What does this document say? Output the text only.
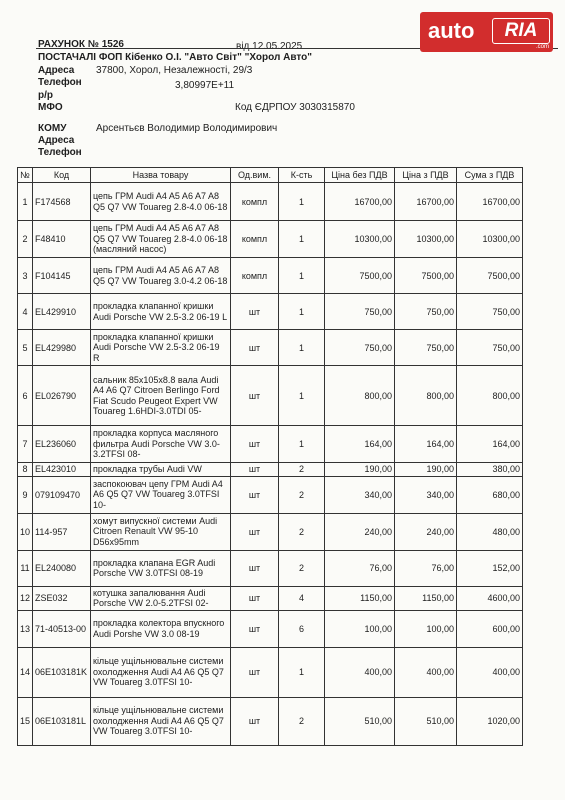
РАХУНОК № 1526	від 12.05.2025
ПОСТАЧАЛІ ФОП Кібенко О.І. "Авто Світ" "Хорол Авто"
Адреса 37800, Хорол, Незалежності, 29/3
Телефон	3,80997E+11
р/р
МФО	Код ЄДРПОУ 3030315870
КОМУ	Арсентьєв Володимир Володимирович
Адреса
Телефон
auto	RIA
.com
№	Код	Назва товару	Од.вим.	К-сть	Ціна без ПДВ	Ціна з ПДВ	Сума з ПДВ
1	F174568	цепь ГРМ Audi A4 A5 A6 A7 A8 Q5 Q7 VW Touareg 2.8-4.0 06-18	компл	1	16700,00	16700,00	16700,00
2	F48410	цепь ГРМ Audi A4 A5 A6 A7 A8 Q5 Q7 VW Touareg 2.8-4.0 06-18 (масляний насос)	компл	1	10300,00	10300,00	10300,00
3	F104145	цепь ГРМ Audi A4 A5 A6 A7 A8 Q5 Q7 VW Touareg 3.0-4.2 06-18	компл	1	7500,00	7500,00	7500,00
4	EL429910	прокладка клапанної кришки Audi Porsche VW 2.5-3.2 06-19 L	шт	1	750,00	750,00	750,00
5	EL429980	прокладка клапанної кришки Audi Porsche VW 2.5-3.2 06-19 R	шт	1	750,00	750,00	750,00
6	EL026790	сальник 85x105x8.8 вала Audi A4 A6 Q7 Citroen Berlingo Ford Fiat Scudo Peugeot Expert VW Touareg 1.6HDI-3.0TDI 05-	шт	1	800,00	800,00	800,00
7	EL236060	прокладка корпуса масляного фильтра Audi Porsche VW 3.0-3.2TFSI 08-	шт	1	164,00	164,00	164,00
8	EL423010	прокладка трубы Audi VW	шт	2	190,00	190,00	380,00
9	079109470	заспокоювач цепу ГРМ Audi A4 A6 Q5 Q7 VW Touareg 3.0TFSI 10-	шт	2	340,00	340,00	680,00
10	114-957	хомут випускної системи Audi Citroen Renault VW 95-10 D56x95mm	шт	2	240,00	240,00	480,00
11	EL240080	прокладка клапана EGR Audi Porsche VW 3.0TFSI 08-19	шт	2	76,00	76,00	152,00
12	ZSE032	котушка запалювання Audi Porsche VW 2.0-5.2TFSI 02-	шт	4	1150,00	1150,00	4600,00
13	71-40513-00	прокладка колектора впускного Audi Porshe VW 3.0 08-19	шт	6	100,00	100,00	600,00
14	06E103181K	кільце ущільнювальне системи охолодження Audi A4 A6 Q5 Q7 VW Touareg 3.0TFSI 10-	шт	1	400,00	400,00	400,00
15	06E103181L	кільце ущільнювальне системи охолодження Audi A4 A6 Q5 Q7 VW Touareg 3.0TFSI 10-	шт	2	510,00	510,00	1020,00
